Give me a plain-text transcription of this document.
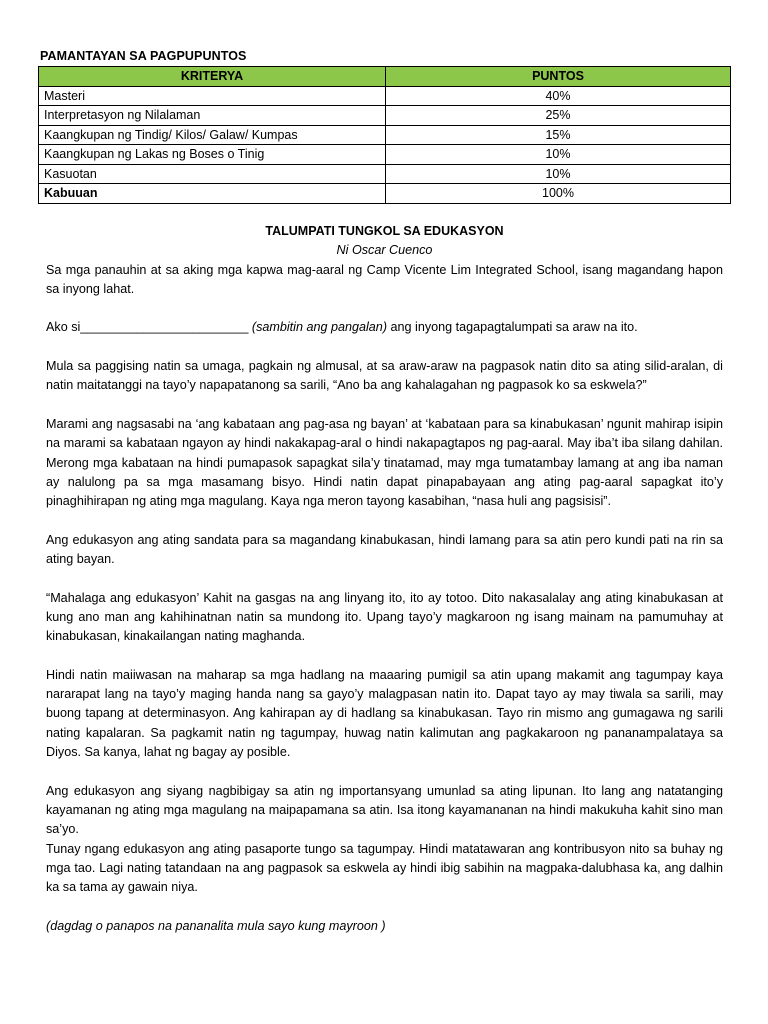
PAMANTAYAN SA PAGPUPUNTOS
KRITERYA	PUNTOS
Masteri	40%
Interpretasyon ng Nilalaman	25%
Kaangkupan ng Tindig/ Kilos/ Galaw/ Kumpas	15%
Kaangkupan ng Lakas ng Boses o Tinig	10%
Kasuotan	10%
Kabuuan	100%
TALUMPATI TUNGKOL SA EDUKASYON
Ni Oscar Cuenco

Sa mga panauhin at sa aking mga kapwa mag-aaral ng Camp Vicente Lim Integrated School, isang magandang hapon sa inyong lahat.

Ako si________________________ (sambitin ang pangalan) ang inyong tagapagtalumpati sa araw na ito.

Mula sa paggising natin sa umaga, pagkain ng almusal, at sa araw-araw na pagpasok natin dito sa ating silid-aralan, di natin maitatanggi na tayo’y napapatanong sa sarili, “Ano ba ang kahalagahan ng pagpasok ko sa eskwela?”

Marami ang nagsasabi na ‘ang kabataan ang pag-asa ng bayan’ at ‘kabataan para sa kinabukasan’ ngunit mahirap isipin na marami sa kabataan ngayon ay hindi nakakapag-aral o hindi nakapagtapos ng pag-aaral. May iba’t iba silang dahilan. Merong mga kabataan na hindi pumapasok sapagkat sila’y tinatamad, may mga tumatambay lamang at ang iba naman ay nalulong pa sa mga masamang bisyo. Hindi natin dapat pinapabayaan ang ating pag-aaral sapagkat ito’y pinaghihirapan ng ating mga magulang. Kaya nga meron tayong kasabihan, “nasa huli ang pagsisisi”.

Ang edukasyon ang ating sandata para sa magandang kinabukasan, hindi lamang para sa atin pero kundi pati na rin sa ating bayan.

“Mahalaga ang edukasyon’ Kahit na gasgas na ang linyang ito, ito ay totoo. Dito nakasalalay ang ating kinabukasan at kung ano man ang kahihinatnan natin sa mundong ito. Upang tayo’y magkaroon ng isang mainam na pamumuhay at kinabukasan, kinakailangan nating maghanda.

Hindi natin maiiwasan na maharap sa mga hadlang na maaaring pumigil sa atin upang makamit ang tagumpay kaya nararapat lang na tayo’y maging handa nang sa gayo’y malagpasan natin ito. Dapat tayo ay may tiwala sa sarili, may buong tapang at determinasyon. Ang kahirapan ay di hadlang sa kinabukasan. Tayo rin mismo ang gumagawa ng sarili nating kapalaran. Sa pagkamit natin ng tagumpay, huwag natin kalimutan ang pagkakaroon ng pananampalataya sa Diyos. Sa kanya, lahat ng bagay ay posible.

Ang edukasyon ang siyang nagbibigay sa atin ng importansyang umunlad sa ating lipunan. Ito lang ang natatanging kayamanan ng ating mga magulang na maipapamana sa atin. Isa itong kayamananan na hindi makukuha kahit sino man sa’yo.

Tunay ngang edukasyon ang ating pasaporte tungo sa tagumpay. Hindi matatawaran ang kontribusyon nito sa buhay ng mga tao. Lagi nating tatandaan na ang pagpasok sa eskwela ay hindi ibig sabihin na magpaka-dalubhasa ka, ang dalhin ka sa tama ay gawain niya.

(dagdag o panapos na pananalita mula sayo kung mayroon )
